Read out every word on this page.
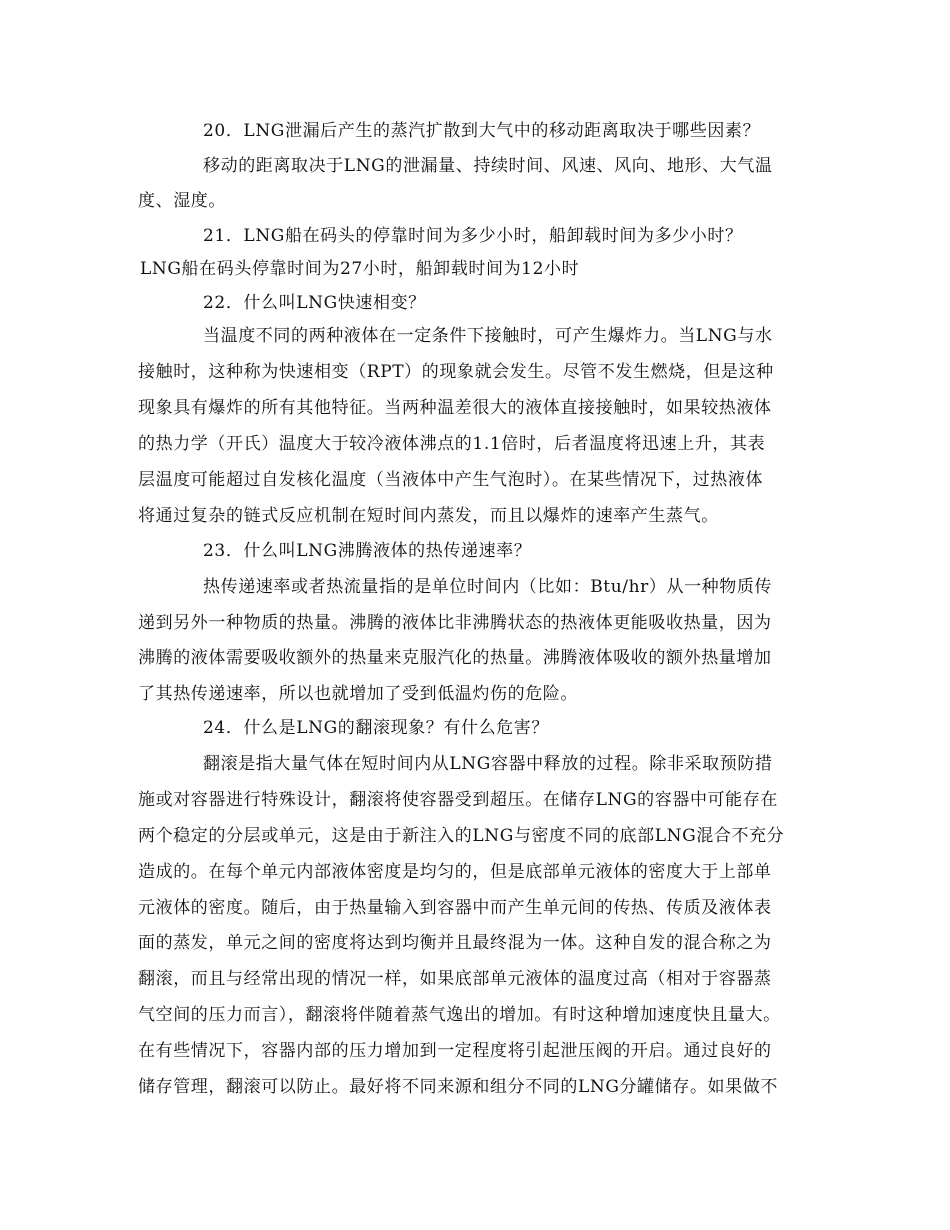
20．LNG泄漏后产生的蒸汽扩散到大气中的移动距离取决于哪些因素？
移动的距离取决于LNG的泄漏量、持续时间、风速、风向、地形、大气温
度、湿度。
21．LNG船在码头的停靠时间为多少小时，船卸载时间为多少小时？
LNG船在码头停靠时间为27小时，船卸载时间为12小时
22．什么叫LNG快速相变？
当温度不同的两种液体在一定条件下接触时，可产生爆炸力。当LNG与水
接触时，这种称为快速相变（RPT）的现象就会发生。尽管不发生燃烧，但是这种
现象具有爆炸的所有其他特征。当两种温差很大的液体直接接触时，如果较热液体
的热力学（开氏）温度大于较冷液体沸点的1.1倍时，后者温度将迅速上升，其表
层温度可能超过自发核化温度（当液体中产生气泡时）。在某些情况下，过热液体
将通过复杂的链式反应机制在短时间内蒸发，而且以爆炸的速率产生蒸气。
23．什么叫LNG沸腾液体的热传递速率？
热传递速率或者热流量指的是单位时间内（比如：Btu/hr）从一种物质传
递到另外一种物质的热量。沸腾的液体比非沸腾状态的热液体更能吸收热量，因为
沸腾的液体需要吸收额外的热量来克服汽化的热量。沸腾液体吸收的额外热量增加
了其热传递速率，所以也就增加了受到低温灼伤的危险。
24．什么是LNG的翻滚现象？有什么危害？
翻滚是指大量气体在短时间内从LNG容器中释放的过程。除非采取预防措
施或对容器进行特殊设计，翻滚将使容器受到超压。在储存LNG的容器中可能存在
两个稳定的分层或单元，这是由于新注入的LNG与密度不同的底部LNG混合不充分
造成的。在每个单元内部液体密度是均匀的，但是底部单元液体的密度大于上部单
元液体的密度。随后，由于热量输入到容器中而产生单元间的传热、传质及液体表
面的蒸发，单元之间的密度将达到均衡并且最终混为一体。这种自发的混合称之为
翻滚，而且与经常出现的情况一样，如果底部单元液体的温度过高（相对于容器蒸
气空间的压力而言），翻滚将伴随着蒸气逸出的增加。有时这种增加速度快且量大。
在有些情况下，容器内部的压力增加到一定程度将引起泄压阀的开启。通过良好的
储存管理，翻滚可以防止。最好将不同来源和组分不同的LNG分罐储存。如果做不
